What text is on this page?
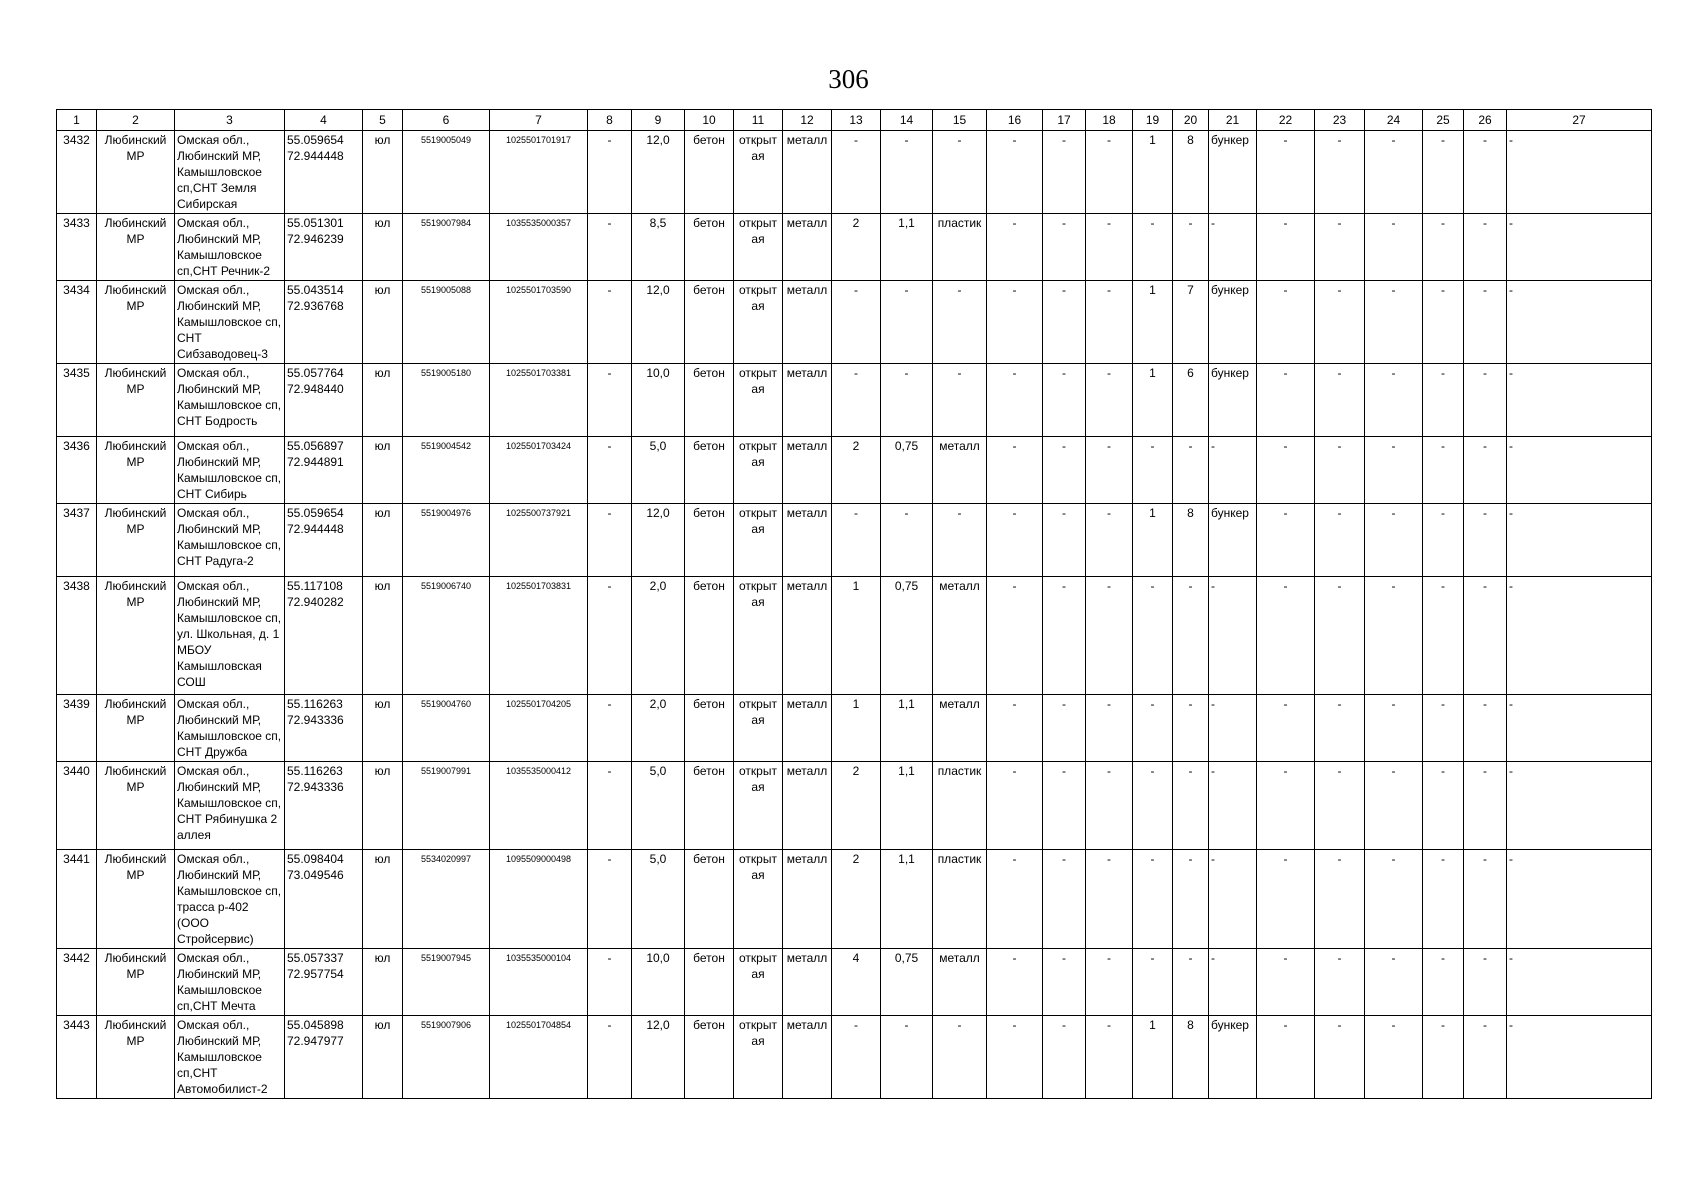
306
1	2	3	4	5	6	7	8	9	10	11	12	13	14	15	16	17	18	19	20	21	22	23	24	25	26	27
3432	Любинский МР	Омская обл., Любинский МР, Камышловское сп,СНТ Земля Сибирская	55.059654 72.944448	юл	5519005049	1025501701917	-	12,0	бетон	открыт ая	металл	-	-	-	-	-	-	1	8	бункер	-	-	-	-	-	-
3433	Любинский МР	Омская обл., Любинский МР, Камышловское сп,СНТ Речник-2	55.051301 72.946239	юл	5519007984	1035535000357	-	8,5	бетон	открыт ая	металл	2	1,1	пластик	-	-	-	-	-	-	-	-	-	-	-	-
3434	Любинский МР	Омская обл., Любинский МР, Камышловское сп, СНТ Сибзаводовец-3	55.043514 72.936768	юл	5519005088	1025501703590	-	12,0	бетон	открыт ая	металл	-	-	-	-	-	-	1	7	бункер	-	-	-	-	-	-
3435	Любинский МР	Омская обл., Любинский МР, Камышловское сп, СНТ Бодрость	55.057764 72.948440	юл	5519005180	1025501703381	-	10,0	бетон	открыт ая	металл	-	-	-	-	-	-	1	6	бункер	-	-	-	-	-	-
3436	Любинский МР	Омская обл., Любинский МР, Камышловское сп, СНТ Сибирь	55.056897 72.944891	юл	5519004542	1025501703424	-	5,0	бетон	открыт ая	металл	2	0,75	металл	-	-	-	-	-	-	-	-	-	-	-	-
3437	Любинский МР	Омская обл., Любинский МР, Камышловское сп, СНТ Радуга-2	55.059654 72.944448	юл	5519004976	1025500737921	-	12,0	бетон	открыт ая	металл	-	-	-	-	-	-	1	8	бункер	-	-	-	-	-	-
3438	Любинский МР	Омская обл., Любинский МР, Камышловское сп, ул. Школьная, д. 1 МБОУ Камышловская СОШ	55.117108 72.940282	юл	5519006740	1025501703831	-	2,0	бетон	открыт ая	металл	1	0,75	металл	-	-	-	-	-	-	-	-	-	-	-	-
3439	Любинский МР	Омская обл., Любинский МР, Камышловское сп, СНТ Дружба	55.116263 72.943336	юл	5519004760	1025501704205	-	2,0	бетон	открыт ая	металл	1	1,1	металл	-	-	-	-	-	-	-	-	-	-	-	-
3440	Любинский МР	Омская обл., Любинский МР, Камышловское сп, СНТ Рябинушка 2 аллея	55.116263 72.943336	юл	5519007991	1035535000412	-	5,0	бетон	открыт ая	металл	2	1,1	пластик	-	-	-	-	-	-	-	-	-	-	-	-
3441	Любинский МР	Омская обл., Любинский МР, Камышловское сп, трасса р-402 (ООО Стройсервис)	55.098404 73.049546	юл	5534020997	1095509000498	-	5,0	бетон	открыт ая	металл	2	1,1	пластик	-	-	-	-	-	-	-	-	-	-	-	-
3442	Любинский МР	Омская обл., Любинский МР, Камышловское сп,СНТ Мечта	55.057337 72.957754	юл	5519007945	1035535000104	-	10,0	бетон	открыт ая	металл	4	0,75	металл	-	-	-	-	-	-	-	-	-	-	-	-
3443	Любинский МР	Омская обл., Любинский МР, Камышловское сп,СНТ Автомобилист-2	55.045898 72.947977	юл	5519007906	1025501704854	-	12,0	бетон	открыт ая	металл	-	-	-	-	-	-	1	8	бункер	-	-	-	-	-	-
